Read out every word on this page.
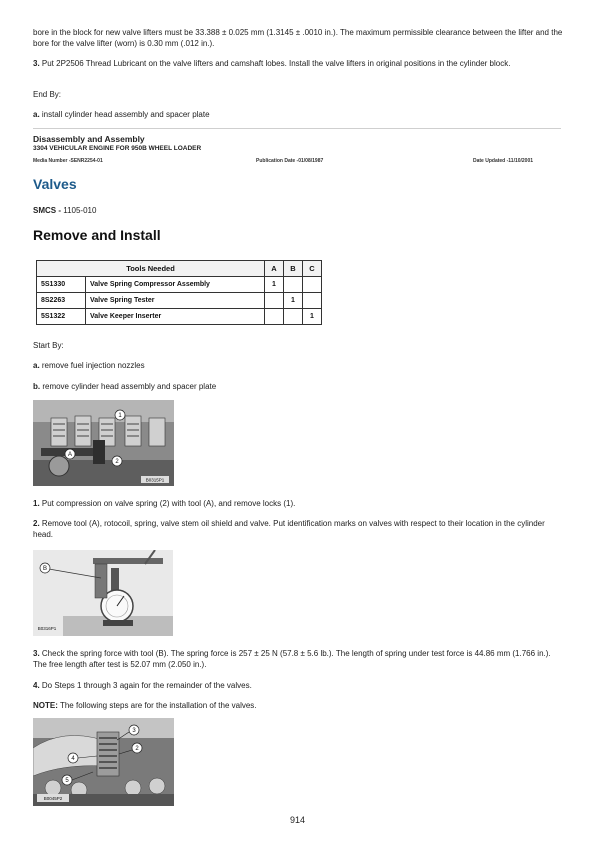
bore in the block for new valve lifters must be 33.388 ± 0.025 mm (1.3145 ± .0010 in.). The maximum permissible clearance between the lifter and the bore for the valve lifter (worn) is 0.30 mm (.012 in.).

3. Put 2P2506 Thread Lubricant on the valve lifters and camshaft lobes. Install the valve lifters in original positions in the cylinder block.

End By:

a. install cylinder head assembly and spacer plate

Disassembly and Assembly
3304 VEHICULAR ENGINE FOR 950B WHEEL LOADER
Media Number -SENR2254-01	Publication Date -01/08/1987	Date Updated -11/10/2001
Valves

SMCS - 1105-010

Remove and Install
Tools Needed		A	B	C
5S1330	Valve Spring Compressor Assembly	1		
8S2263	Valve Spring Tester		1	
5S1322	Valve Keeper Inserter			1

Start By:

a. remove fuel injection nozzles

b. remove cylinder head assembly and spacer plate

1
2
A
B0315P1

1. Put compression on valve spring (2) with tool (A), and remove locks (1).

2. Remove tool (A), rotocoil, spring, valve stem oil shield and valve. Put identification marks on valves with respect to their location in the cylinder head.

B
B0316P1

3. Check the spring force with tool (B). The spring force is 257 ± 25 N (57.8 ± 5.6 lb.). The length of spring under test force is 44.86 mm (1.766 in.). The free length after test is 52.07 mm (2.050 in.).

4. Do Steps 1 through 3 again for the remainder of the valves.

NOTE: The following steps are for the installation of the valves.

3
2
4
5
B0045P2
914
